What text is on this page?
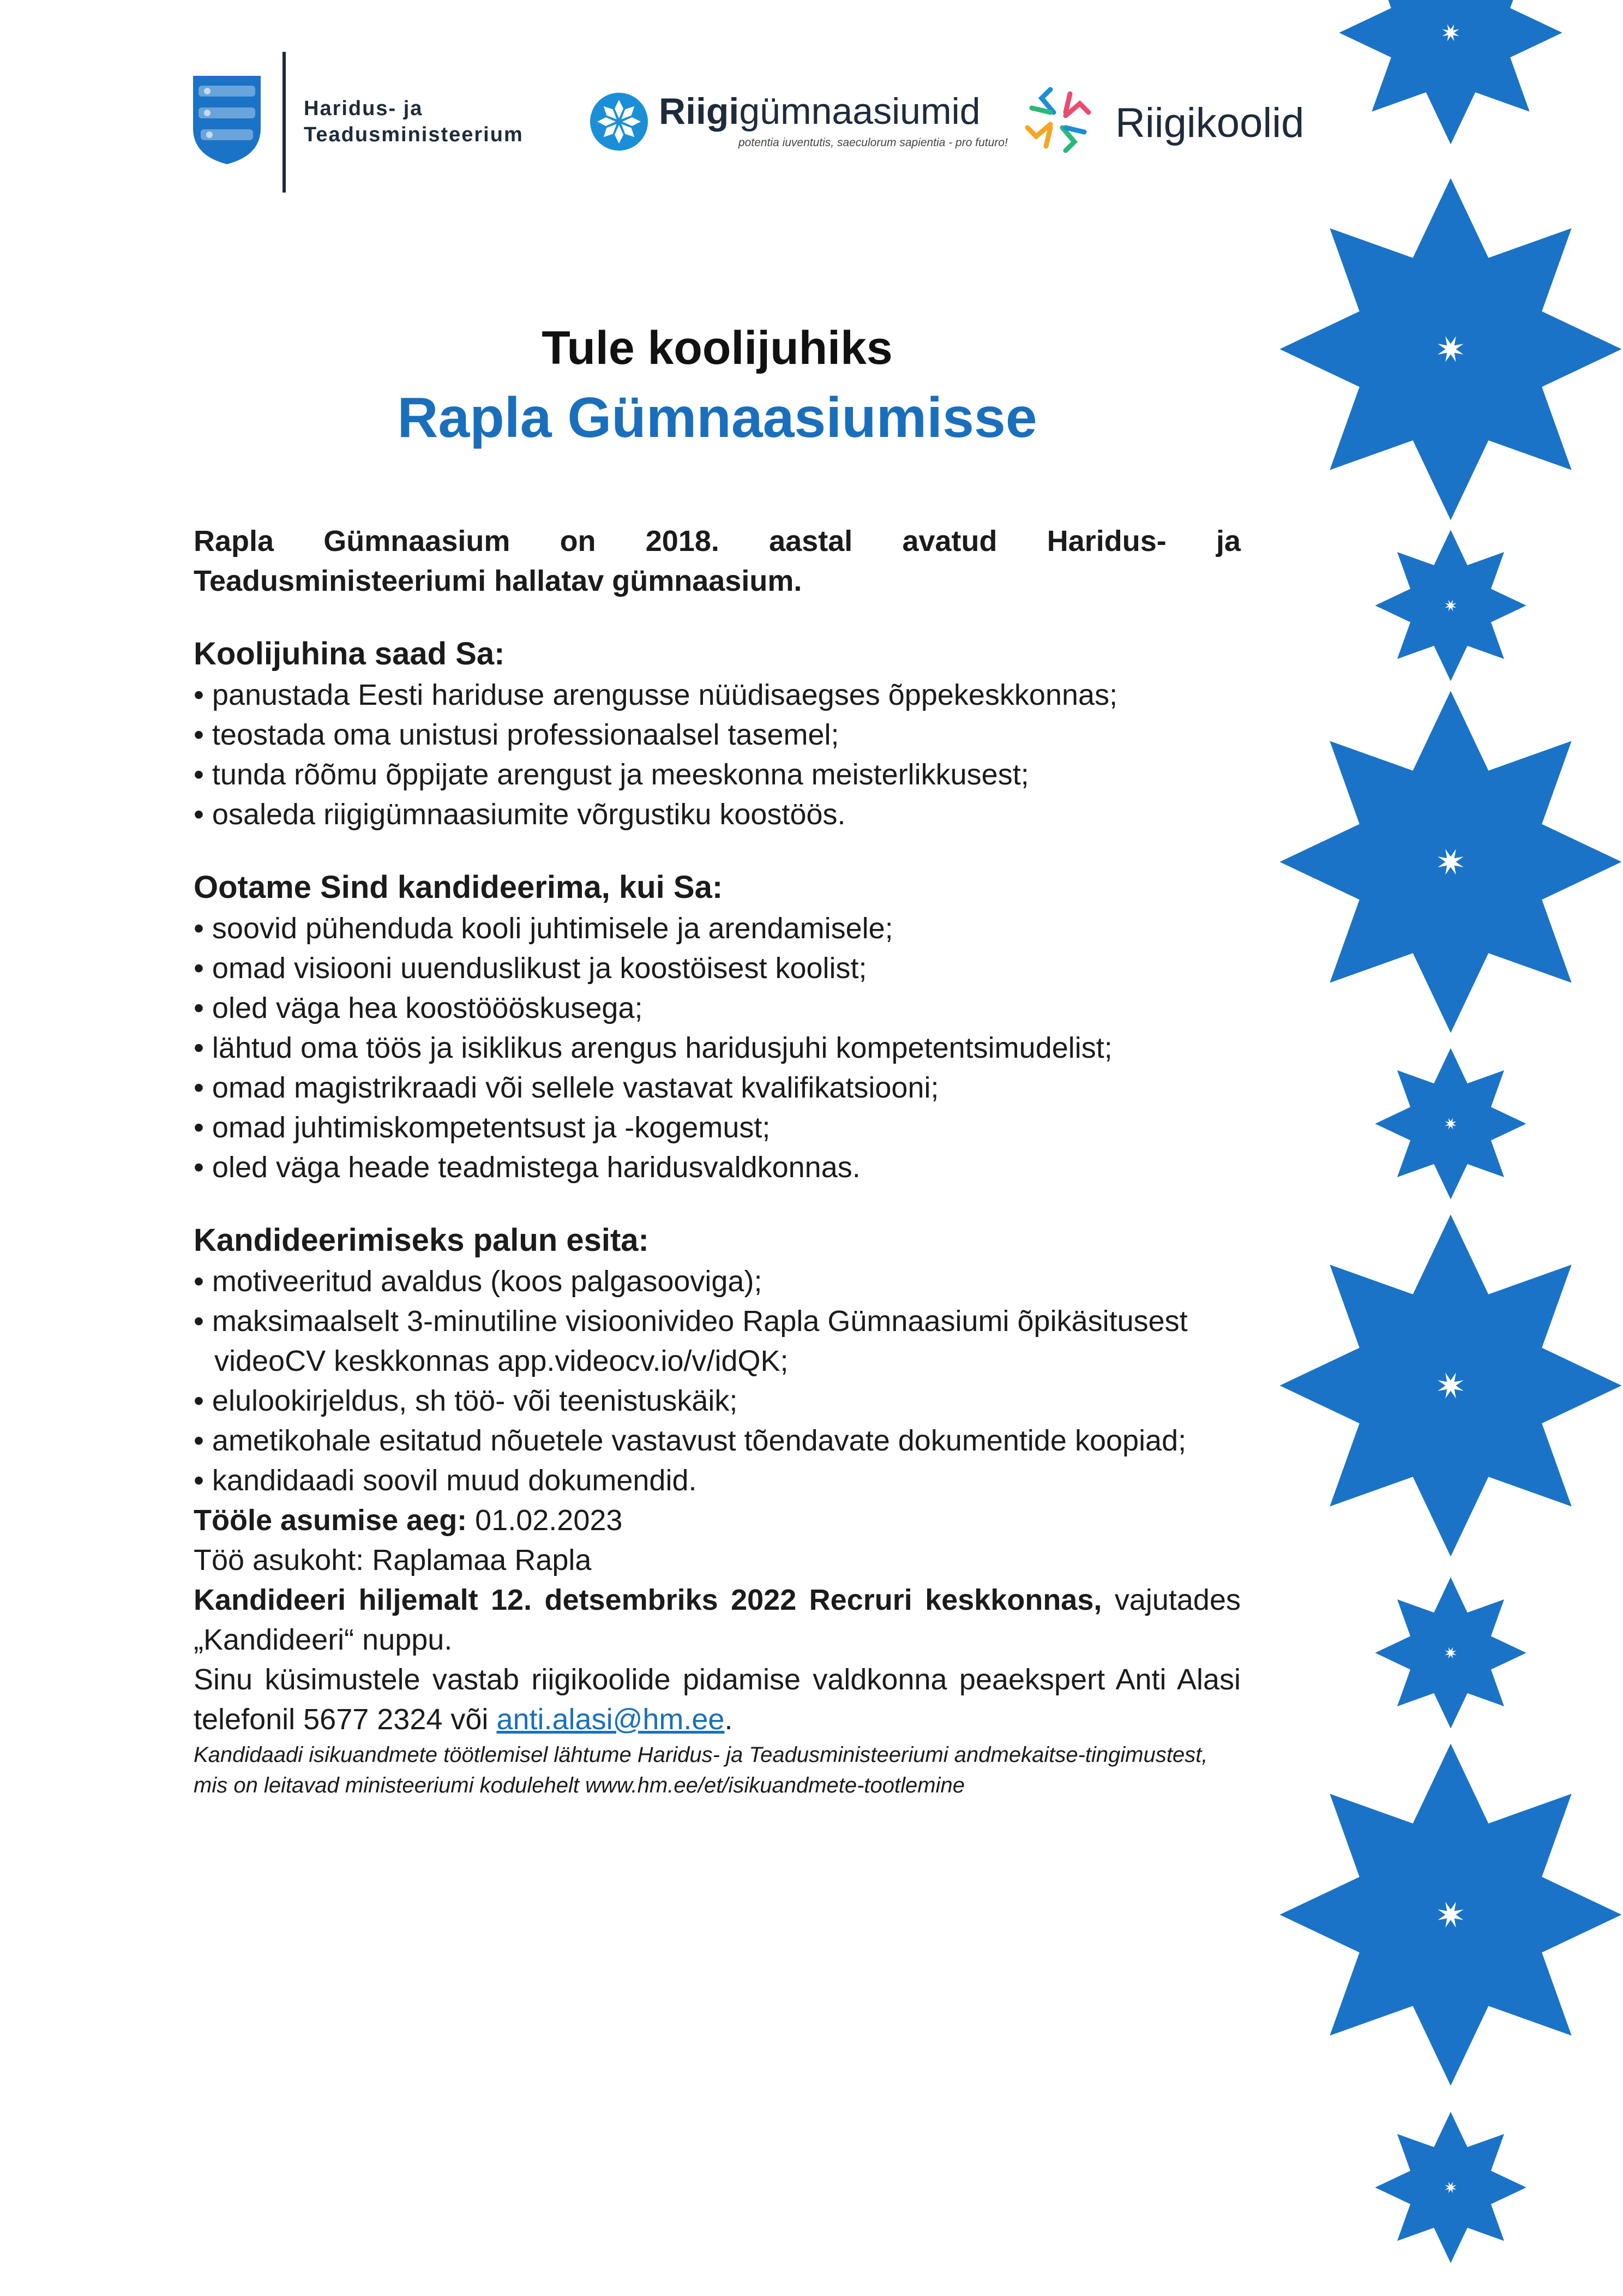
Haridus- ja
Teadusministeerium
Riigigümnaasiumid
potentia iuventutis, saeculorum sapientia - pro futuro!	Riigikoolid
Tule koolijuhiks
Rapla Gümnaasiumisse

Rapla Gümnaasium on 2018. aastal avatud Haridus- ja Teadusministeeriumi hallatav gümnaasium.

Koolijuhina saad Sa:
• panustada Eesti hariduse arengusse nüüdisaegses õppekeskkonnas;
• teostada oma unistusi professionaalsel tasemel;
• tunda rõõmu õppijate arengust ja meeskonna meisterlikkusest;
• osaleda riigigümnaasiumite võrgustiku koostöös.
Ootame Sind kandideerima, kui Sa:
• soovid pühenduda kooli juhtimisele ja arendamisele;
• omad visiooni uuenduslikust ja koostöisest koolist;
• oled väga hea koostöööskusega;
• lähtud oma töös ja isiklikus arengus haridusjuhi kompetentsimudelist;
• omad magistrikraadi või sellele vastavat kvalifikatsiooni;
• omad juhtimiskompetentsust ja -kogemust;
• oled väga heade teadmistega haridusvaldkonnas.
Kandideerimiseks palun esita:
• motiveeritud avaldus (koos palgasooviga);
• maksimaalselt 3-minutiline visioonivideo Rapla Gümnaasiumi õpikäsitusest videoCV keskkonnas app.videocv.io/v/idQK;
• elulookirjeldus, sh töö- või teenistuskäik;
• ametikohale esitatud nõuetele vastavust tõendavate dokumentide koopiad;
• kandidaadi soovil muud dokumendid.

Tööle asumise aeg: 01.02.2023

Töö asukoht: Raplamaa Rapla

Kandideeri hiljemalt 12. detsembriks 2022 Recruri keskkonnas, vajutades „Kandideeri“ nuppu.

Sinu küsimustele vastab riigikoolide pidamise valdkonna peaekspert Anti Alasi telefonil 5677 2324 või anti.alasi@hm.ee.

Kandidaadi isikuandmete töötlemisel lähtume Haridus- ja Teadusministeeriumi andmekaitse-tingimustest, mis on leitavad ministeeriumi kodulehelt www.hm.ee/et/isikuandmete-tootlemine
